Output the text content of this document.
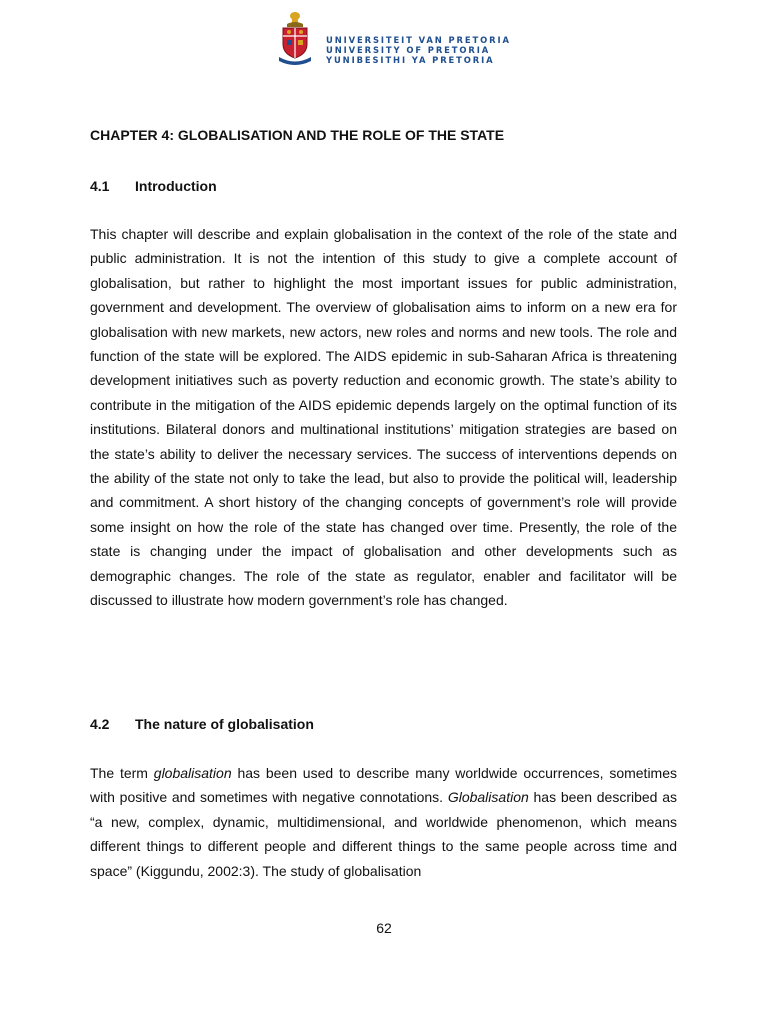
UNIVERSITEIT VAN PRETORIA
UNIVERSITY OF PRETORIA
YUNIBESITHI YA PRETORIA
CHAPTER 4: GLOBALISATION AND THE ROLE OF THE STATE
4.1 Introduction

This chapter will describe and explain globalisation in the context of the role of the state and public administration. It is not the intention of this study to give a complete account of globalisation, but rather to highlight the most important issues for public administration, government and development. The overview of globalisation aims to inform on a new era for globalisation with new markets, new actors, new roles and norms and new tools. The role and function of the state will be explored. The AIDS epidemic in sub-Saharan Africa is threatening development initiatives such as poverty reduction and economic growth. The state’s ability to contribute in the mitigation of the AIDS epidemic depends largely on the optimal function of its institutions. Bilateral donors and multinational institutions’ mitigation strategies are based on the state’s ability to deliver the necessary services. The success of interventions depends on the ability of the state not only to take the lead, but also to provide the political will, leadership and commitment. A short history of the changing concepts of government’s role will provide some insight on how the role of the state has changed over time. Presently, the role of the state is changing under the impact of globalisation and other developments such as demographic changes. The role of the state as regulator, enabler and facilitator will be discussed to illustrate how modern government’s role has changed.

4.2 The nature of globalisation

The term globalisation has been used to describe many worldwide occurrences, sometimes with positive and sometimes with negative connotations. Globalisation has been described as “a new, complex, dynamic, multidimensional, and worldwide phenomenon, which means different things to different people and different things to the same people across time and space” (Kiggundu, 2002:3). The study of globalisation

62
